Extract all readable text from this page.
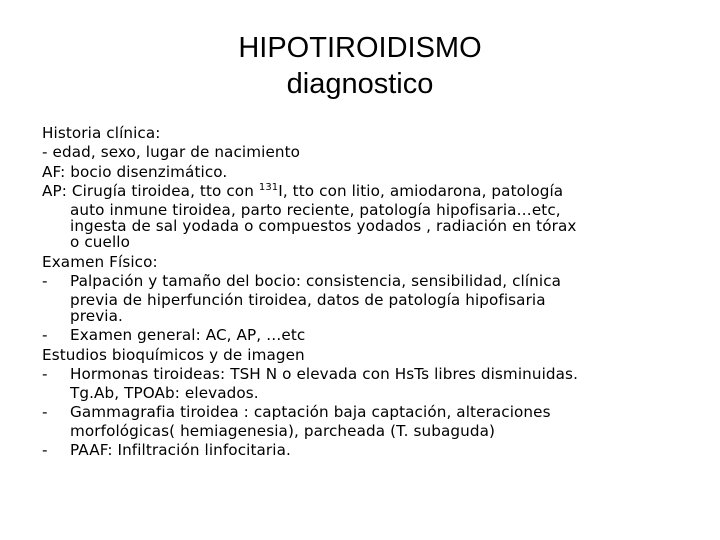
HIPOTIROIDISMO
diagnostico
Historia clínica:
- edad, sexo, lugar de nacimiento
AF: bocio disenzimático.
AP: Cirugía tiroidea, tto con $^{131}$I, tto con litio, amiodarona, patología
auto inmune tiroidea, parto reciente, patología hipofisaria…etc,
ingesta de sal yodada o compuestos yodados , radiación en tórax
o cuello
Examen Físico:
- Palpación y tamaño del bocio: consistencia, sensibilidad, clínica
previa de hiperfunción tiroidea, datos de patología hipofisaria
previa.
- Examen general: AC, AP, …etc
Estudios bioquímicos y de imagen
- Hormonas tiroideas: TSH N o elevada con HsTs libres disminuidas.
Tg.Ab, TPOAb: elevados.
- Gammagrafia tiroidea : captación baja captación, alteraciones
morfológicas( hemiagenesia), parcheada (T. subaguda)
- PAAF: Infiltración linfocitaria.
